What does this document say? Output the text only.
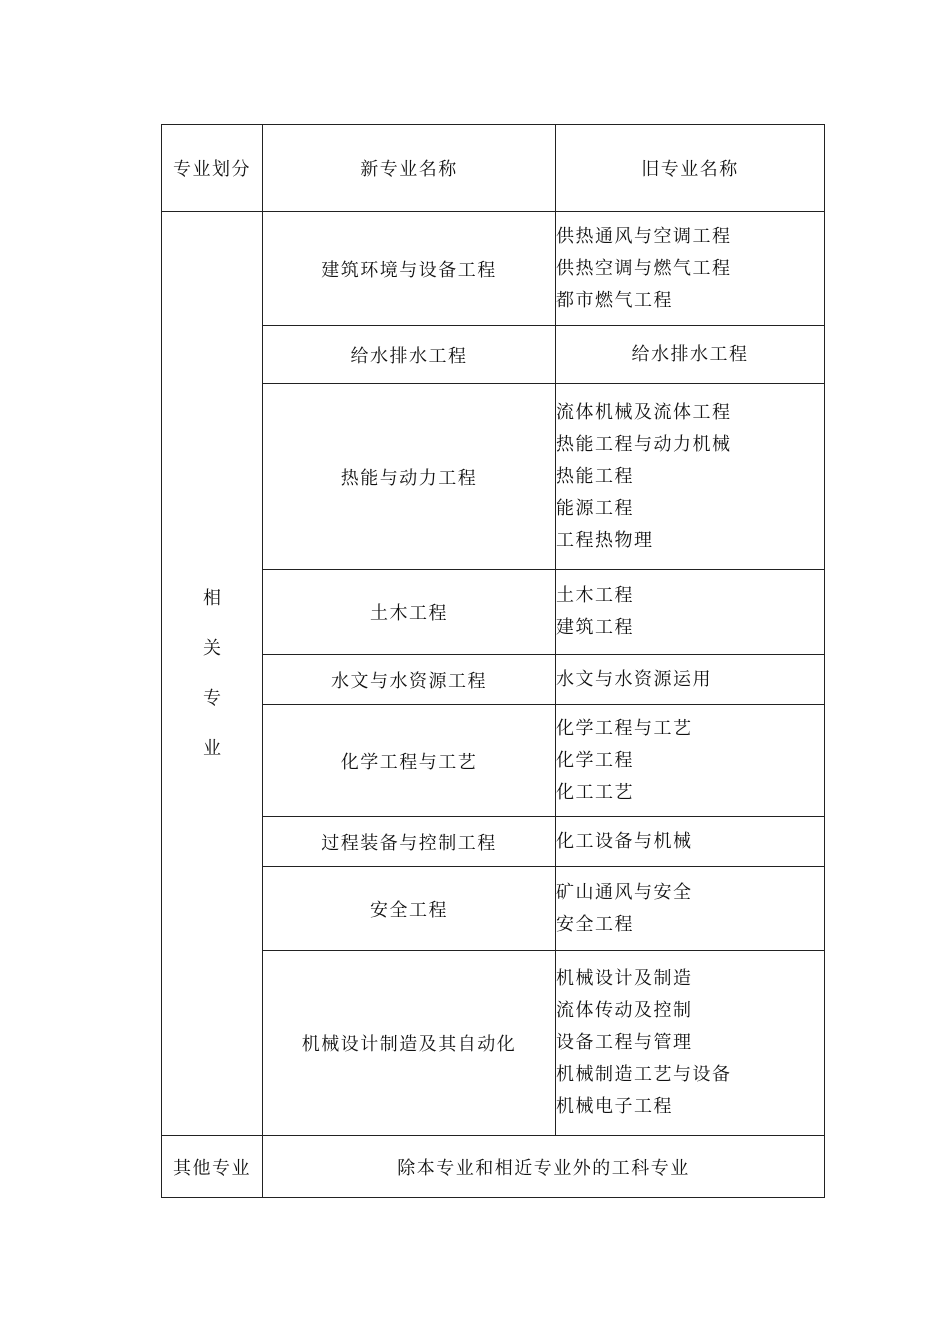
专业划分	新专业名称	旧专业名称

相
关
专
业	建筑环境与设备工程	供热通风与空调工程
供热空调与燃气工程
都市燃气工程

	给水排水工程	给水排水工程

	热能与动力工程	流体机械及流体工程
热能工程与动力机械
热能工程
能源工程
工程热物理

	土木工程	土木工程
建筑工程

	水文与水资源工程	水文与水资源运用

	化学工程与工艺	化学工程与工艺
化学工程
化工工艺

	过程装备与控制工程	化工设备与机械

	安全工程	矿山通风与安全
安全工程

	机械设计制造及其自动化	机械设计及制造
流体传动及控制
设备工程与管理
机械制造工艺与设备
机械电子工程

其他专业	除本专业和相近专业外的工科专业	
